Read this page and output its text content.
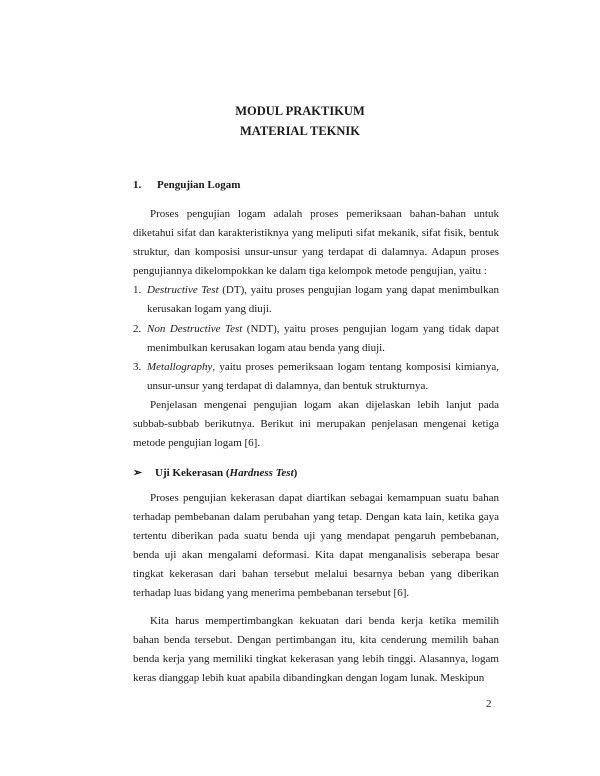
MODUL PRAKTIKUM
MATERIAL TEKNIK
1. Pengujian Logam

Proses pengujian logam adalah proses pemeriksaan bahan-bahan untuk diketahui sifat dan karakteristiknya yang meliputi sifat mekanik, sifat fisik, bentuk struktur, dan komposisi unsur-unsur yang terdapat di dalamnya. Adapun proses pengujiannya dikelompokkan ke dalam tiga kelompok metode pengujian, yaitu :

1. Destructive Test (DT), yaitu proses pengujian logam yang dapat menimbulkan kerusakan logam yang diuji.
2. Non Destructive Test (NDT), yaitu proses pengujian logam yang tidak dapat menimbulkan kerusakan logam atau benda yang diuji.
3. Metallography, yaitu proses pemeriksaan logam tentang komposisi kimianya, unsur-unsur yang terdapat di dalamnya, dan bentuk strukturnya.

Penjelasan mengenai pengujian logam akan dijelaskan lebih lanjut pada subbab-subbab berikutnya. Berikut ini merupakan penjelasan mengenai ketiga metode pengujian logam [6].

➢ Uji Kekerasan (Hardness Test)

Proses pengujian kekerasan dapat diartikan sebagai kemampuan suatu bahan terhadap pembebanan dalam perubahan yang tetap. Dengan kata lain, ketika gaya tertentu diberikan pada suatu benda uji yang mendapat pengaruh pembebanan, benda uji akan mengalami deformasi. Kita dapat menganalisis seberapa besar tingkat kekerasan dari bahan tersebut melalui besarnya beban yang diberikan terhadap luas bidang yang menerima pembebanan tersebut [6].

Kita harus mempertimbangkan kekuatan dari benda kerja ketika memilih bahan benda tersebut. Dengan pertimbangan itu, kita cenderung memilih bahan benda kerja yang memiliki tingkat kekerasan yang lebih tinggi. Alasannya, logam keras dianggap lebih kuat apabila dibandingkan dengan logam lunak. Meskipun

2
